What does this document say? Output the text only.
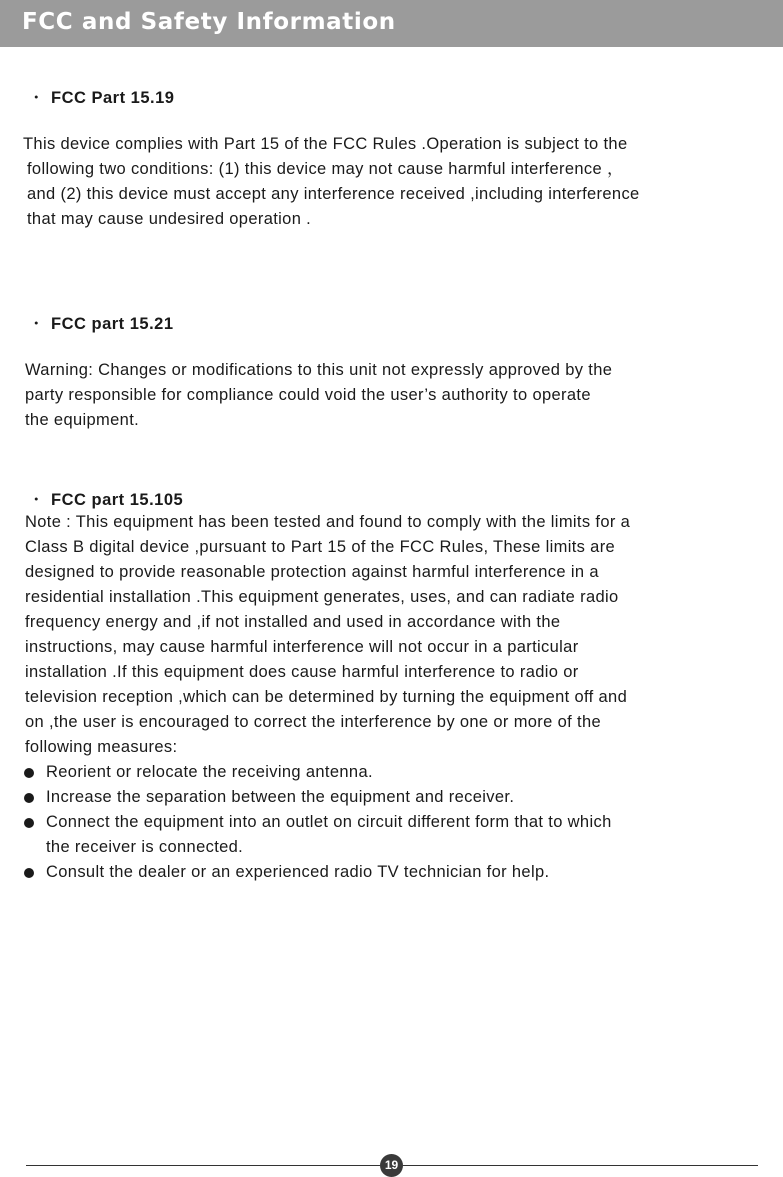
FCC and Safety Information
・ FCC Part 15.19
This device complies with Part 15 of the FCC Rules .Operation is subject to the
following two conditions: (1) this device may not cause harmful interference ，
and (2) this device must accept any interference received ,including interference
that may cause undesired operation .
・ FCC part 15.21
Warning: Changes or modifications to this unit not expressly approved by the
party responsible for compliance could void the user’s authority to operate
the equipment.
・ FCC part 15.105
Note : This equipment has been tested and found to comply with the limits for a
Class B digital device ,pursuant to Part 15 of the FCC Rules, These limits are
designed to provide reasonable protection against harmful interference in a
residential installation .This equipment generates, uses, and can radiate radio
frequency energy and ,if not installed and used in accordance with the
instructions, may cause harmful interference will not occur in a particular
installation .If this equipment does cause harmful interference to radio or
television reception ,which can be determined by turning the equipment off and
on ,the user is encouraged to correct the interference by one or more of the
following measures:
Reorient or relocate the receiving antenna.
Increase the separation between the equipment and receiver.
Connect the equipment into an outlet on circuit different form that to which
the receiver is connected.
Consult the dealer or an experienced radio TV technician for help.
19
